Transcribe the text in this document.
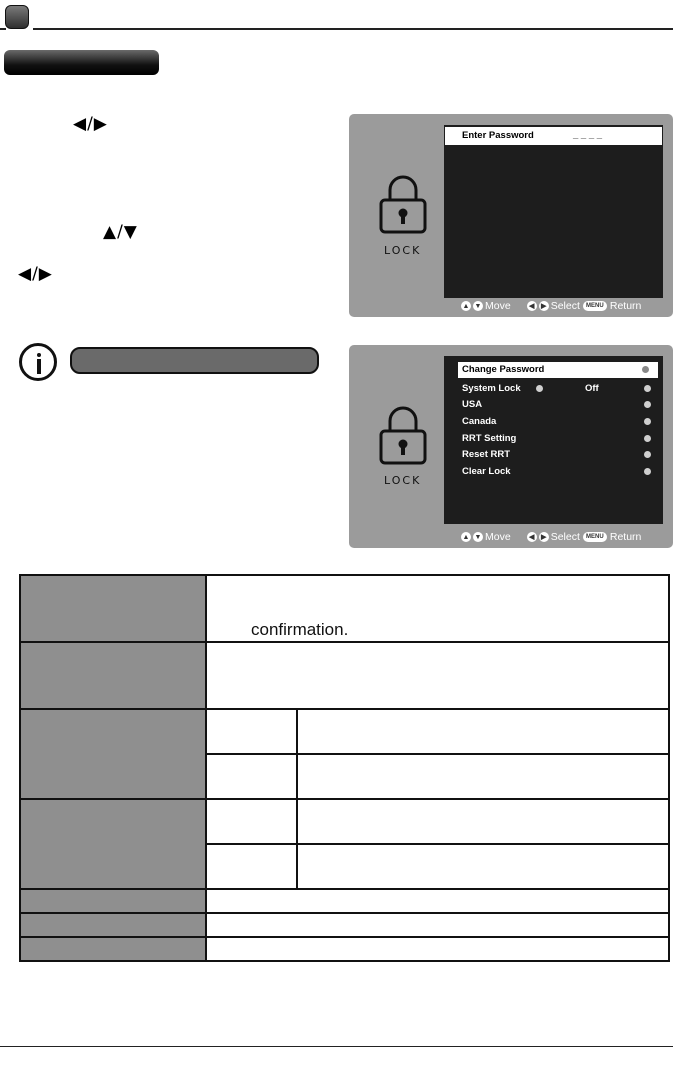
◀/▶
▲/▼
◀/▶
LOCK
Enter Password	_ _ _ _
▲ ▼ Move	◀ ▶ Select	MENU Return
LOCK
Change Password
System Lock	Off
USA
Canada
RRT Setting
Reset RRT
Clear Lock
▲ ▼ Move	◀ ▶ Select	MENU Return
confirmation.
